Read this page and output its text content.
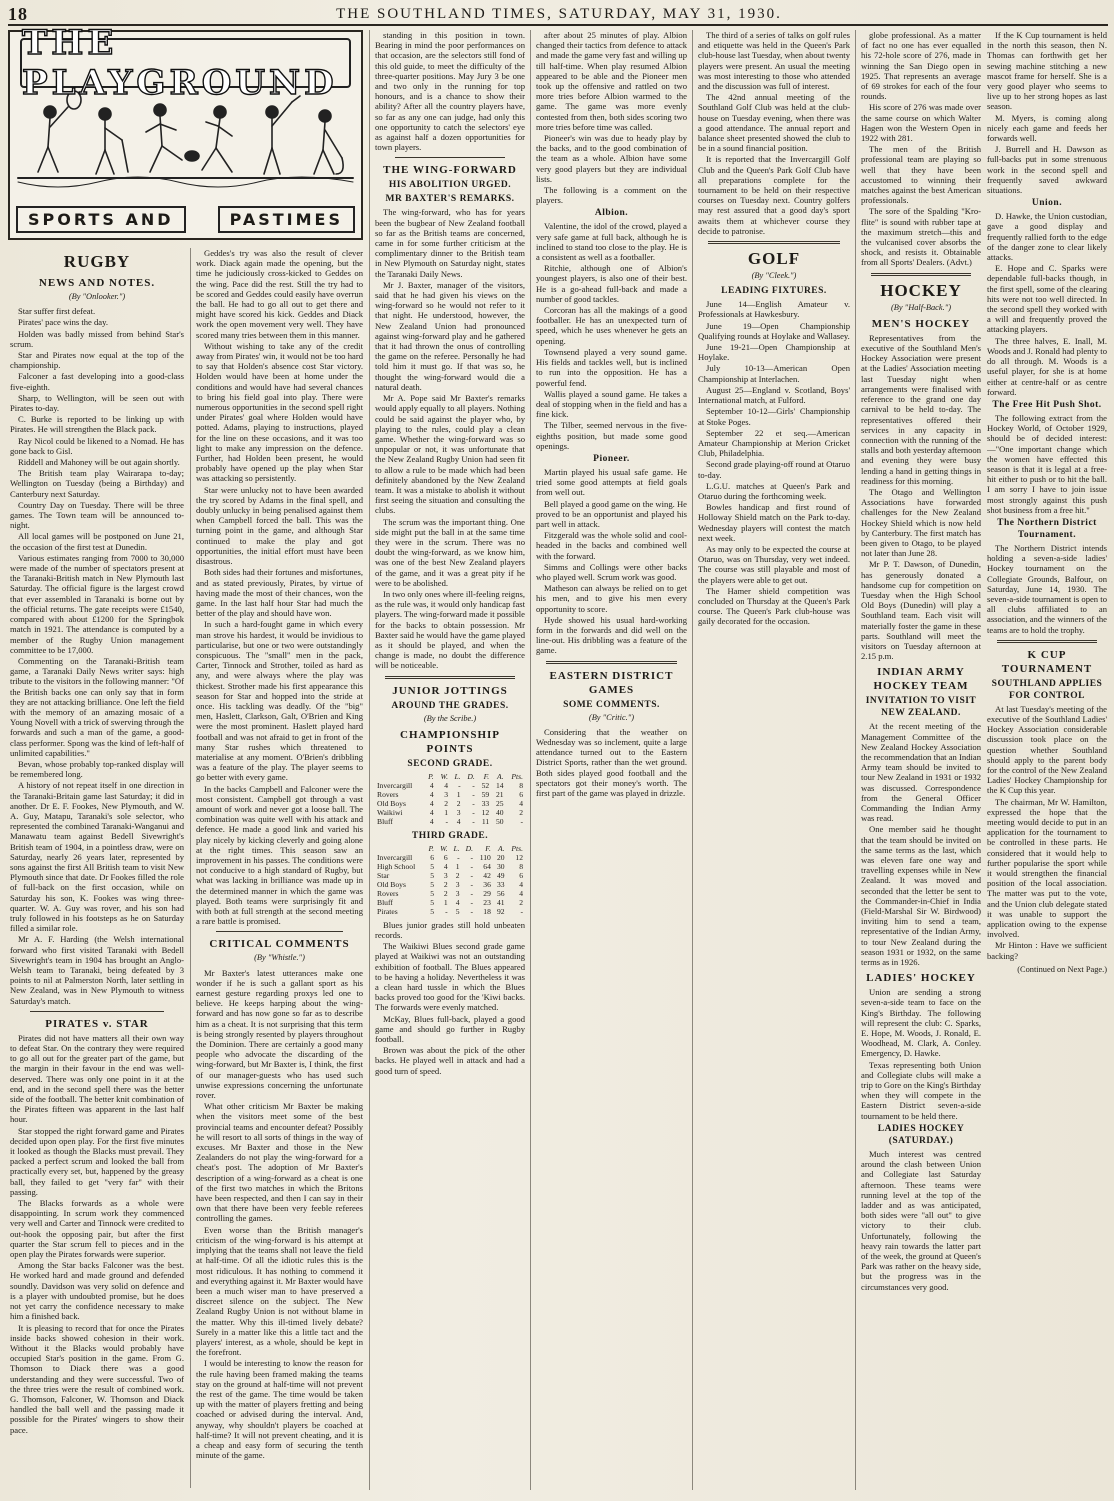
18	THE SOUTHLAND TIMES, SATURDAY, MAY 31, 1930.
THE PLAYGROUND
SPORTS AND	PASTIMES
RUGBY
NEWS AND NOTES.

(By "Onlooker.")

Star suffer first defeat.

Pirates' pace wins the day.

Holden was badly missed from behind Star's scrum.

Star and Pirates now equal at the top of the championship.

Falconer a fast developing into a good-class five-eighth.

Sharp, to Wellington, will be seen out with Pirates to-day.

C. Burke is reported to be linking up with Pirates. He will strengthen the Black pack.

Ray Nicol could be likened to a Nomad. He has gone back to Gisl.

Riddell and Mahoney will be out again shortly.

The British team play Wairarapa to-day; Wellington on Tuesday (being a Birthday) and Canterbury next Saturday.

Country Day on Tuesday. There will be three games. The Town team will be announced to-night.

All local games will be postponed on June 21, the occasion of the first test at Dunedin.

Various estimates ranging from 7000 to 30,000 were made of the number of spectators present at the Taranaki-British match in New Plymouth last Saturday. The official figure is the largest crowd that ever assembled in Taranaki is borne out by the official returns. The gate receipts were £1540, compared with about £1200 for the Springbok match in 1921. The attendance is computed by a member of the Rugby Union management committee to be 17,000.

Commenting on the Taranaki-British team game, a Taranaki Daily News writer says: high tribute to the visitors in the following manner: "Of the British backs one can only say that in form they are not attacking brilliance. One left the field with the memory of an amazing mosaic of a Young Novell with a trick of swerving through the forwards and such a man of the game, a good-class performer. Spong was the kind of left-half of unlimited capabilities."

Bevan, whose probably top-ranked display will be remembered long.

A history of not repeat itself in one direction in the Taranaki-Britain game last Saturday; it did in another. Dr E. F. Fookes, New Plymouth, and W. A. Guy, Matapu, Taranaki's sole selector, who represented the combined Taranaki-Wanganui and Manawatu team against Bedell Sivewright's British team of 1904, in a pointless draw, were on Saturday, nearly 26 years later, represented by sons against the first All British team to visit New Plymouth since that date. Dr Fookes filled the role of full-back on the first occasion, while on Saturday his son, K. Fookes was wing three-quarter. W. A. Guy was rover, and his son had truly followed in his footsteps as he on Saturday filled a similar role.

Mr A. F. Harding (the Welsh international forward who first visited Taranaki with Bedell Sivewright's team in 1904 has brought an Anglo-Welsh team to Taranaki, being defeated by 3 points to nil at Palmerston North, later settling in New Zealand, was in New Plymouth to witness Saturday's match.

PIRATES v. STAR

Pirates did not have matters all their own way to defeat Star. On the contrary they were required to go all out for the greater part of the game, but the margin in their favour in the end was well-deserved. There was only one point in it at the end, and in the second spell there was the better side of the football. The better knit combination of the Pirates fifteen was apparent in the last half hour.

Star stopped the right forward game and Pirates decided upon open play. For the first five minutes it looked as though the Blacks must prevail. They packed a perfect scrum and looked the ball from practically every set, but, happened by the greasy ball, they failed to get "very far" with their passing.

The Blacks forwards as a whole were disappointing. In scrum work they commenced very well and Carter and Tinnock were credited to out-hook the opposing pair, but after the first quarter the Star scrum fell to pieces and in the open play the Pirates forwards were superior.

Among the Star backs Falconer was the best. He worked hard and made ground and defended soundly. Davidson was very solid on defence and is a player with undoubted promise, but he does not yet carry the confidence necessary to make him a finished back.

It is pleasing to record that for once the Pirates inside backs showed cohesion in their work. Without it the Blacks would probably have occupied Star's position in the game. From G. Thomson to Diack there was a good understanding and they were successful. Two of the three tries were the result of combined work. G. Thomson, Falconer, W. Thomson and Diack handled the ball well and the passing made it possible for the Pirates' wingers to show their pace.

Geddes's try was also the result of clever work. Diack again made the opening, but the time he judiciously cross-kicked to Geddes on the wing. Pace did the rest. Still the try had to be scored and Geddes could easily have overrun the ball. He had to go all out to get there and might have scored his kick. Geddes and Diack work the open movement very well. They have scored many tries between them in this manner.

Without wishing to take any of the credit away from Pirates' win, it would not be too hard to say that Holden's absence cost Star victory. Holden would have been at home under the conditions and would have had several chances to bring his field goal into play. There were numerous opportunities in the second spell right under Pirates' goal where Holden would have potted. Adams, playing to instructions, played for the line on these occasions, and it was too light to make any impression on the defence. Further, had Holden been present, he would probably have opened up the play when Star was attacking so persistently.

Star were unlucky not to have been awarded the try scored by Adams in the final spell, and doubly unlucky in being penalised against them when Campbell forced the ball. This was the turning point in the game, and although Star continued to make the play and got opportunities, the initial effort must have been disastrous.

Both sides had their fortunes and misfortunes, and as stated previously, Pirates, by virtue of having made the most of their chances, won the game. In the last half hour Star had much the better of the play and should have won.

In such a hard-fought game in which every man strove his hardest, it would be invidious to particularise, but one or two were outstandingly conspicuous. The "small" men in the pack, Carter, Tinnock and Strother, toiled as hard as any, and were always where the play was thickest. Strother made his first appearance this season for Star and hopped into the stride at once. His tackling was deadly. Of the "big" men, Haslett, Clarkson, Galt, O'Brien and King were the most prominent. Haslett played hard football and was not afraid to get in front of the many Star rushes which threatened to materialise at any moment. O'Brien's dribbling was a feature of the play. The player seems to go better with every game.

In the backs Campbell and Falconer were the most consistent. Campbell got through a vast amount of work and never got a loose ball. The combination was quite well with his attack and defence. He made a good link and varied his play nicely by kicking cleverly and going alone at the right times. This season saw an improvement in his passes. The conditions were not conducive to a high standard of Rugby, but what was lacking in brilliance was made up in the determined manner in which the game was played. Both teams were surprisingly fit and with both at full strength at the second meeting a rare battle is promised.

CRITICAL COMMENTS

(By "Whistle.")

Mr Baxter's latest utterances make one wonder if he is such a gallant sport as his earnest gesture regarding proxys led one to believe. He keeps harping about the wing-forward and has now gone so far as to describe him as a cheat. It is not surprising that this term is being strongly resented by players throughout the Dominion. There are certainly a good many people who advocate the discarding of the wing-forward, but Mr Baxter is, I think, the first of our manager-guests who has used such unwise expressions concerning the unfortunate rover.

What other criticism Mr Baxter be making when the visitors meet some of the best provincial teams and encounter defeat? Possibly he will resort to all sorts of things in the way of excuses. Mr Baxter and those in the New Zealanders do not play the wing-forward for a cheat's post. The adoption of Mr Baxter's description of a wing-forward as a cheat is one of the first two matches in which the Britons have been respected, and then I can say in their own that there have been very feeble referees controlling the games.

Even worse than the British manager's criticism of the wing-forward is his attempt at implying that the teams shall not leave the field at half-time. Of all the idiotic rules this is the most ridiculous. It has nothing to commend it and everything against it. Mr Baxter would have been a much wiser man to have preserved a discreet silence on the subject. The New Zealand Rugby Union is not without blame in the matter. Why this ill-timed lively debate? Surely in a matter like this a little tact and the players' interest, as a whole, should be kept in the forefront.

I would be interesting to know the reason for the rule having been framed making the teams stay on the ground at half-time will not prevent the rest of the game. The time would be taken up with the matter of players fretting and being coached or advised during the interval. And, anyway, why shouldn't players be coached at half-time? It will not prevent cheating, and it is a cheap and easy form of securing the tenth minute of the game.

standing in this position in town. Bearing in mind the poor performances on that occasion, are the selectors still fond of this old guide, to meet the difficulty of the three-quarter positions. May Jury 3 be one and two only in the running for top honours, and is a chance to show their ability? After all the country players have, so far as any one can judge, had only this one opportunity to catch the selectors' eye as against half a dozen opportunities for town players.

THE WING-FORWARD
HIS ABOLITION URGED.
MR BAXTER'S REMARKS.

The wing-forward, who has for years been the bugbear of New Zealand football so far as the British teams are concerned, came in for some further criticism at the complimentary dinner to the British team in New Plymouth on Saturday night, states the Taranaki Daily News.

Mr J. Baxter, manager of the visitors, said that he had given his views on the wing-forward so he would not refer to it that night. He understood, however, the New Zealand Union had pronounced against wing-forward play and he gathered that it had thrown the onus of controlling the game on the referee. Personally he had told him it must go. If that was so, he thought the wing-forward would die a natural death.

Mr A. Pope said Mr Baxter's remarks would apply equally to all players. Nothing could be said against the player who, by playing to the rules, could play a clean game. Whether the wing-forward was so unpopular or not, it was unfortunate that the New Zealand Rugby Union had seen fit to allow a rule to be made which had been definitely abandoned by the New Zealand team. It was a mistake to abolish it without first seeing the situation and consulting the clubs.

The scrum was the important thing. One side might put the ball in at the same time they were in the scrum. There was no doubt the wing-forward, as we know him, was one of the best New Zealand players of the game, and it was a great pity if he were to be abolished.

In two only ones where ill-feeling reigns, as the rule was, it would only handicap fast players. The wing-forward made it possible for the backs to obtain possession. Mr Baxter said he would have the game played as it should be played, and when the change is made, no doubt the difference will be noticeable.

JUNIOR JOTTINGS
AROUND THE GRADES.

(By the Scribe.)

CHAMPIONSHIP POINTS
SECOND GRADE.
	P.	W.	L.	D.	F.	A.	Pts.
Invercargill	4	4	-	-	52	14	8
Rovers	4	3	1	-	59	21	6
Old Boys	4	2	2	-	33	25	4
Waikiwi	4	1	3	-	12	40	2
Bluff	4	-	4	-	11	50	-
THIRD GRADE.
	P.	W.	L.	D.	F.	A.	Pts.
Invercargill	6	6	-	-	110	20	12
High School	5	4	1	-	64	30	8
Star	5	3	2	-	42	49	6
Old Boys	5	2	3	-	36	33	4
Rovers	5	2	3	-	29	56	4
Bluff	5	1	4	-	23	41	2
Pirates	5	-	5	-	18	92	-

Blues junior grades still hold unbeaten records.

The Waikiwi Blues second grade game played at Waikiwi was not an outstanding exhibition of football. The Blues appeared to be having a holiday. Nevertheless it was a clean hard tussle in which the Blues backs proved too good for the 'Kiwi backs. The forwards were evenly matched.

McKay, Blues full-back, played a good game and should go further in Rugby football.

Brown was about the pick of the other backs. He played well in attack and had a good turn of speed.

after about 25 minutes of play. Albion changed their tactics from defence to attack and made the game very fast and willing up till half-time. When play resumed Albion appeared to be able and the Pioneer men took up the offensive and rattled on two more tries before Albion warmed to the game. The game was more evenly contested from then, both sides scoring two more tries before time was called.

Pioneer's win was due to heady play by the backs, and to the good combination of the team as a whole. Albion have some very good players but they are individual lists.

The following is a comment on the players.

Albion.

Valentine, the idol of the crowd, played a very safe game at full back, although he is inclined to stand too close to the play. He is a consistent as well as a footballer.

Ritchie, although one of Albion's youngest players, is also one of their best. He is a go-ahead full-back and made a number of good tackles.

Corcoran has all the makings of a good footballer. He has an unexpected turn of speed, which he uses whenever he gets an opening.

Townsend played a very sound game. His fields and tackles well, but is inclined to run into the opposition. He has a powerful fend.

Wallis played a sound game. He takes a deal of stopping when in the field and has a fine kick.

The Tilber, seemed nervous in the five-eighths position, but made some good openings.

Pioneer.

Martin played his usual safe game. He tried some good attempts at field goals from well out.

Bell played a good game on the wing. He proved to be an opportunist and played his part well in attack.

Fitzgerald was the whole solid and cool-headed in the backs and combined well with the forward.

Simms and Collings were other backs who played well. Scrum work was good.

Matheson can always be relied on to get his men, and to give his men every opportunity to score.

Hyde showed his usual hard-working form in the forwards and did well on the line-out. His dribbling was a feature of the game.

EASTERN DISTRICT GAMES
SOME COMMENTS.

(By "Critic.")

Considering that the weather on Wednesday was so inclement, quite a large attendance turned out to the Eastern District Sports, rather than the wet ground. Both sides played good football and the spectators got their money's worth. The first part of the game was played in drizzle.

The third of a series of talks on golf rules and etiquette was held in the Queen's Park club-house last Tuesday, when about twenty players were present. An usual the meeting was most interesting to those who attended and the discussion was full of interest.

The 42nd annual meeting of the Southland Golf Club was held at the club-house on Tuesday evening, when there was a good attendance. The annual report and balance sheet presented showed the club to be in a sound financial position.

It is reported that the Invercargill Golf Club and the Queen's Park Golf Club have all preparations complete for the tournament to be held on their respective courses on Tuesday next. Country golfers may rest assured that a good day's sport awaits them at whichever course they decide to patronise.

GOLF

(By "Cleek.")

LEADING FIXTURES.

June 14—English Amateur v. Professionals at Hawkesbury.

June 19—Open Championship Qualifying rounds at Hoylake and Wallasey.

June 19-21—Open Championship at Hoylake.

July 10-13—American Open Championship at Interlachen.

August 25—England v. Scotland, Boys' International match, at Fulford.

September 10-12—Girls' Championship at Stoke Poges.

September 22 et seq.—American Amateur Championship at Merion Cricket Club, Philadelphia.

Second grade playing-off round at Otaruo to-day.

L.G.U. matches at Queen's Park and Otaruo during the forthcoming week.

Bowles handicap and first round of Holloway Shield match on the Park to-day. Wednesday players will contest the match next week.

As may only to be expected the course at Otaruo, was on Thursday, very wet indeed. The course was still playable and most of the players were able to get out.

The Hamer shield competition was concluded on Thursday at the Queen's Park course. The Queen's Park club-house was gaily decorated for the occasion.

globe professional. As a matter of fact no one has ever equalled his 72-hole score of 276, made in winning the San Diego open in 1925. That represents an average of 69 strokes for each of the four rounds.

His score of 276 was made over the same course on which Walter Hagen won the Western Open in 1922 with 281.

The men of the British professional team are playing so well that they have been accustomed to winning their matches against the best American professionals.

The sore of the Spalding "Kro-flite" is sound with rubber tape at the maximum stretch—this and the vulcanised cover absorbs the shock, and resists it. Obtainable from all Sports' Dealers. (Advt.)

HOCKEY

(By "Half-Back.")

MEN'S HOCKEY

Representatives from the executive of the Southland Men's Hockey Association were present at the Ladies' Association meeting last Tuesday night when arrangements were finalised with reference to the grand one day carnival to be held to-day. The representatives offered their services in any capacity in connection with the running of the stalls and both yesterday afternoon and evening they were busy lending a hand in getting things in readiness for this morning.

The Otago and Wellington Associations have forwarded challenges for the New Zealand Hockey Shield which is now held by Canterbury. The first match has been given to Otago, to be played not later than June 28.

Mr P. T. Dawson, of Dunedin, has generously donated a handsome cup for competition on Tuesday when the High School Old Boys (Dunedin) will play a Southland team. Each visit will materially foster the game in these parts. Southland will meet the visitors on Tuesday afternoon at 2.15 p.m.

INDIAN ARMY HOCKEY TEAM
INVITATION TO VISIT NEW ZEALAND.

At the recent meeting of the Management Committee of the New Zealand Hockey Association the recommendation that an Indian Army team should be invited to tour New Zealand in 1931 or 1932 was discussed. Correspondence from the General Officer Commanding the Indian Army was read.

One member said he thought that the team should be invited on the same terms as the last, which was eleven fare one way and travelling expenses while in New Zealand. It was moved and seconded that the letter be sent to the Commander-in-Chief in India (Field-Marshal Sir W. Birdwood) inviting him to send a team, representative of the Indian Army, to tour New Zealand during the season 1931 or 1932, on the same terms as in 1926.

LADIES' HOCKEY

Union are sending a strong seven-a-side team to face on the King's Birthday. The following will represent the club: C. Sparks, E. Hope, M. Woods, J. Ronald, E. Woodhead, M. Clark, A. Conley. Emergency, D. Hawke.

Texas representing both Union and Collegiate clubs will make a trip to Gore on the King's Birthday when they will compete in the Eastern District seven-a-side tournament to be held there.

LADIES HOCKEY (SATURDAY.)

Much interest was centred around the clash between Union and Collegiate last Saturday afternoon. These teams were running level at the top of the ladder and as was anticipated, both sides were "all out" to give victory to their club. Unfortunately, following the heavy rain towards the latter part of the week, the ground at Queen's Park was rather on the heavy side, but the progress was in the circumstances very good.

If the K Cup tournament is held in the north this season, then N. Thomas can forthwith get her sewing machine stitching a new mascot frame for herself. She is a very good player who seems to live up to her strong hopes as last season.

M. Myers, is coming along nicely each game and feeds her forwards well.

J. Burrell and H. Dawson as full-backs put in some strenuous work in the second spell and frequently saved awkward situations.

Union.

D. Hawke, the Union custodian, gave a good display and frequently rallied forth to the edge of the danger zone to clear likely attacks.

E. Hope and C. Sparks were dependable full-backs though, in the first spell, some of the clearing hits were not too well directed. In the second spell they worked with a will and frequently proved the attacking players.

The three halves, E. Inall, M. Woods and J. Ronald had plenty to do all through. M. Woods is a useful player, for she is at home either at centre-half or as centre forward.

The Free Hit Push Shot.

The following extract from the Hockey World, of October 1929, should be of decided interest:—"One important change which the women have effected this season is that it is legal at a free-hit either to push or to hit the ball. I am sorry I have to join issue most strongly against this push shot business from a free hit."

The Northern District Tournament.

The Northern District intends holding a seven-a-side ladies' Hockey tournament on the Collegiate Grounds, Balfour, on Saturday, June 14, 1930. The seven-a-side tournament is open to all clubs affiliated to an association, and the winners of the teams are to hold the trophy.

K CUP TOURNAMENT
SOUTHLAND APPLIES FOR CONTROL

At last Tuesday's meeting of the executive of the Southland Ladies' Hockey Association considerable discussion took place on the question whether Southland should apply to the parent body for the control of the New Zealand Ladies' Hockey Championship for the K Cup this year.

The chairman, Mr W. Hamilton, expressed the hope that the meeting would decide to put in an application for the tournament to be controlled in these parts. He considered that it would help to further popularise the sport while it would strengthen the financial position of the local association. The matter was put to the vote, and the Union club delegate stated it was unable to support the application owing to the expense involved.

Mr Hinton : Have we sufficient backing?

(Continued on Next Page.)
